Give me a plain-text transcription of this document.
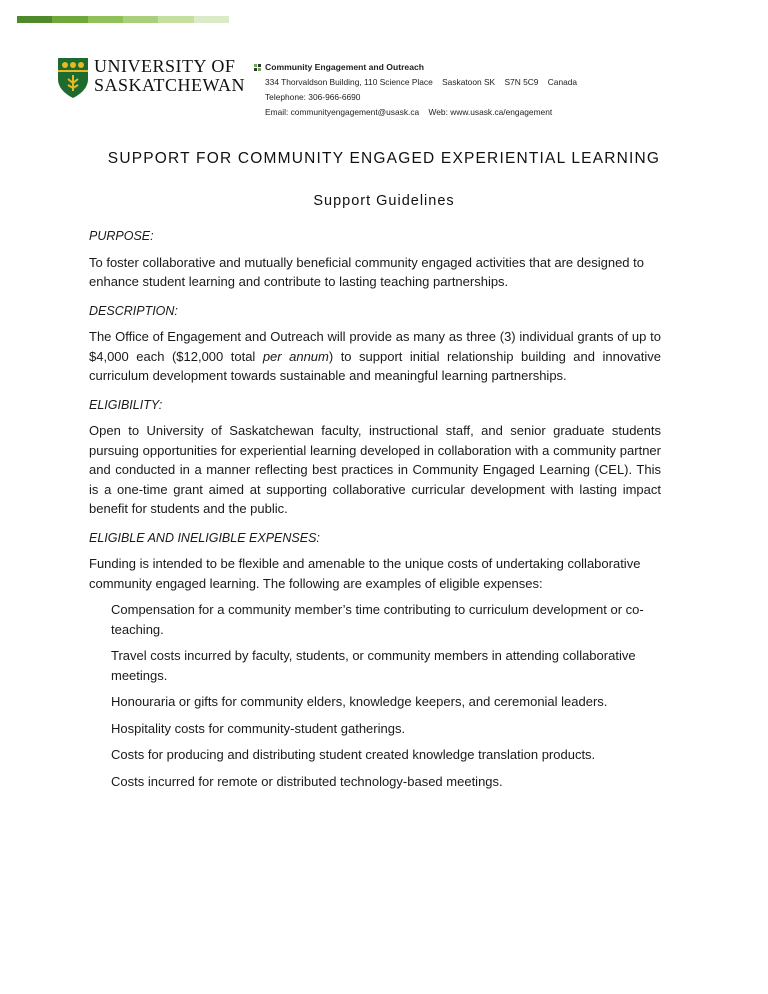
UNIVERSITY OF
SASKATCHEWAN
Community Engagement and Outreach
334 Thorvaldson Building, 110 Science Place    Saskatoon SK    S7N 5C9    Canada
Telephone: 306-966-6690
Email: communityengagement@usask.ca    Web: www.usask.ca/engagement
SUPPORT FOR COMMUNITY ENGAGED EXPERIENTIAL LEARNING
Support Guidelines

PURPOSE:

To foster collaborative and mutually beneficial community engaged activities that are designed to enhance student learning and contribute to lasting teaching partnerships.

DESCRIPTION:

The Office of Engagement and Outreach will provide as many as three (3) individual grants of up to $4,000 each ($12,000 total per annum) to support initial relationship building and innovative curriculum development towards sustainable and meaningful learning partnerships.

ELIGIBILITY:

Open to University of Saskatchewan faculty, instructional staff, and senior graduate students pursuing opportunities for experiential learning developed in collaboration with a community partner and conducted in a manner reflecting best practices in Community Engaged Learning (CEL). This is a one-time grant aimed at supporting collaborative curricular development with lasting impact benefit for students and the public.

ELIGIBLE AND INELIGIBLE EXPENSES:

Funding is intended to be flexible and amenable to the unique costs of undertaking collaborative community engaged learning. The following are examples of eligible expenses:

Compensation for a community member’s time contributing to curriculum development or co-teaching.
Travel costs incurred by faculty, students, or community members in attending collaborative meetings.
Honouraria or gifts for community elders, knowledge keepers, and ceremonial leaders.
Hospitality costs for community-student gatherings.
Costs for producing and distributing student created knowledge translation products.
Costs incurred for remote or distributed technology-based meetings.
